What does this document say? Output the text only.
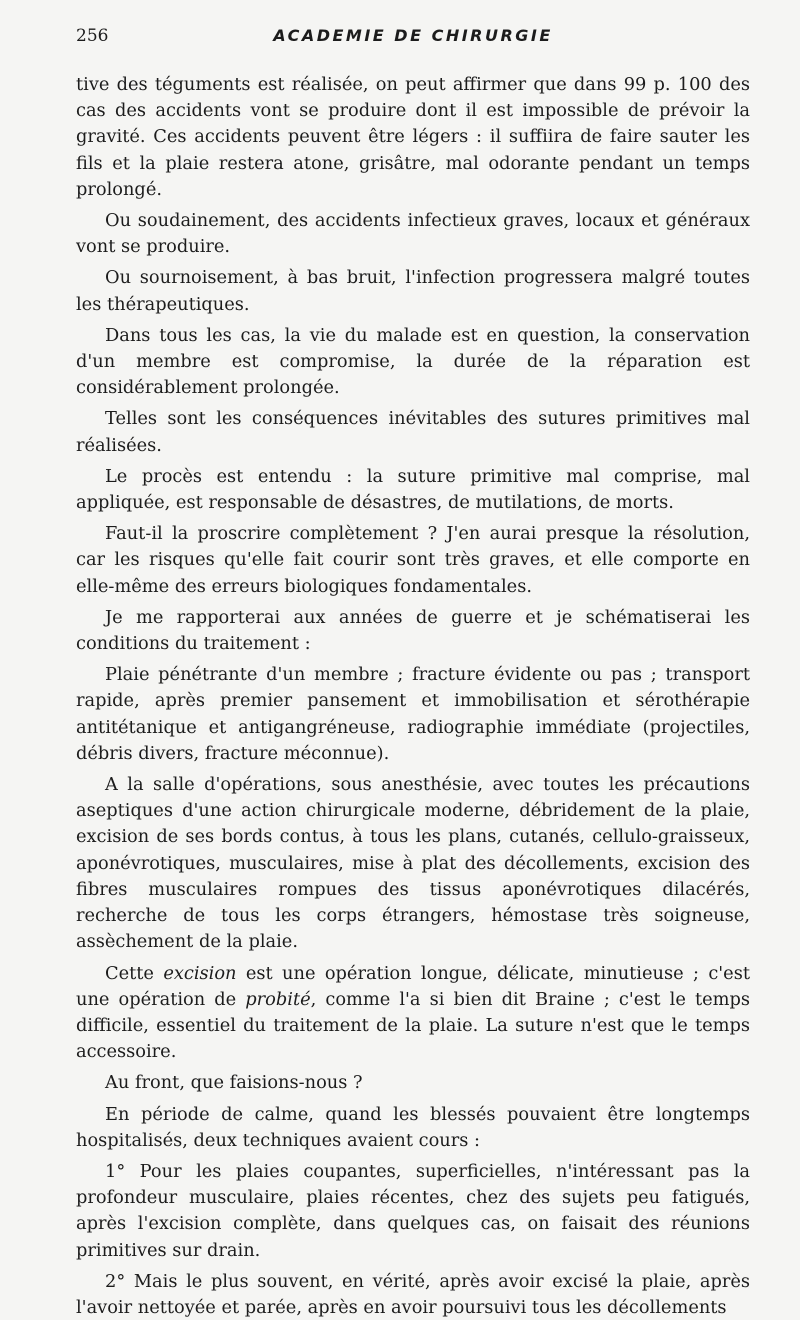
256	ACADEMIE DE CHIRURGIE

tive des téguments est réalisée, on peut affirmer que dans 99 p. 100 des cas des accidents vont se produire dont il est impossible de prévoir la gravité. Ces accidents peuvent être légers : il suffiira de faire sauter les fils et la plaie restera atone, grisâtre, mal odorante pendant un temps prolongé.

Ou soudainement, des accidents infectieux graves, locaux et généraux vont se produire.

Ou sournoisement, à bas bruit, l'infection progressera malgré toutes les thérapeutiques.

Dans tous les cas, la vie du malade est en question, la conservation d'un membre est compromise, la durée de la réparation est considérablement prolongée.

Telles sont les conséquences inévitables des sutures primitives mal réalisées.

Le procès est entendu : la suture primitive mal comprise, mal appliquée, est responsable de désastres, de mutilations, de morts.

Faut-il la proscrire complètement ? J'en aurai presque la résolution, car les risques qu'elle fait courir sont très graves, et elle comporte en elle-même des erreurs biologiques fondamentales.

Je me rapporterai aux années de guerre et je schématiserai les conditions du traitement :

Plaie pénétrante d'un membre ; fracture évidente ou pas ; transport rapide, après premier pansement et immobilisation et sérothérapie antitétanique et antigangréneuse, radiographie immédiate (projectiles, débris divers, fracture méconnue).

A la salle d'opérations, sous anesthésie, avec toutes les précautions aseptiques d'une action chirurgicale moderne, débridement de la plaie, excision de ses bords contus, à tous les plans, cutanés, cellulo-graisseux, aponévrotiques, musculaires, mise à plat des décollements, excision des fibres musculaires rompues des tissus aponévrotiques dilacérés, recherche de tous les corps étrangers, hémostase très soigneuse, assèchement de la plaie.

Cette excision est une opération longue, délicate, minutieuse ; c'est une opération de probité, comme l'a si bien dit Braine ; c'est le temps difficile, essentiel du traitement de la plaie. La suture n'est que le temps accessoire.

Au front, que faisions-nous ?

En période de calme, quand les blessés pouvaient être longtemps hospitalisés, deux techniques avaient cours :

1° Pour les plaies coupantes, superficielles, n'intéressant pas la profondeur musculaire, plaies récentes, chez des sujets peu fatigués, après l'excision complète, dans quelques cas, on faisait des réunions primitives sur drain.

2° Mais le plus souvent, en vérité, après avoir excisé la plaie, après l'avoir nettoyée et parée, après en avoir poursuivi tous les décollements
